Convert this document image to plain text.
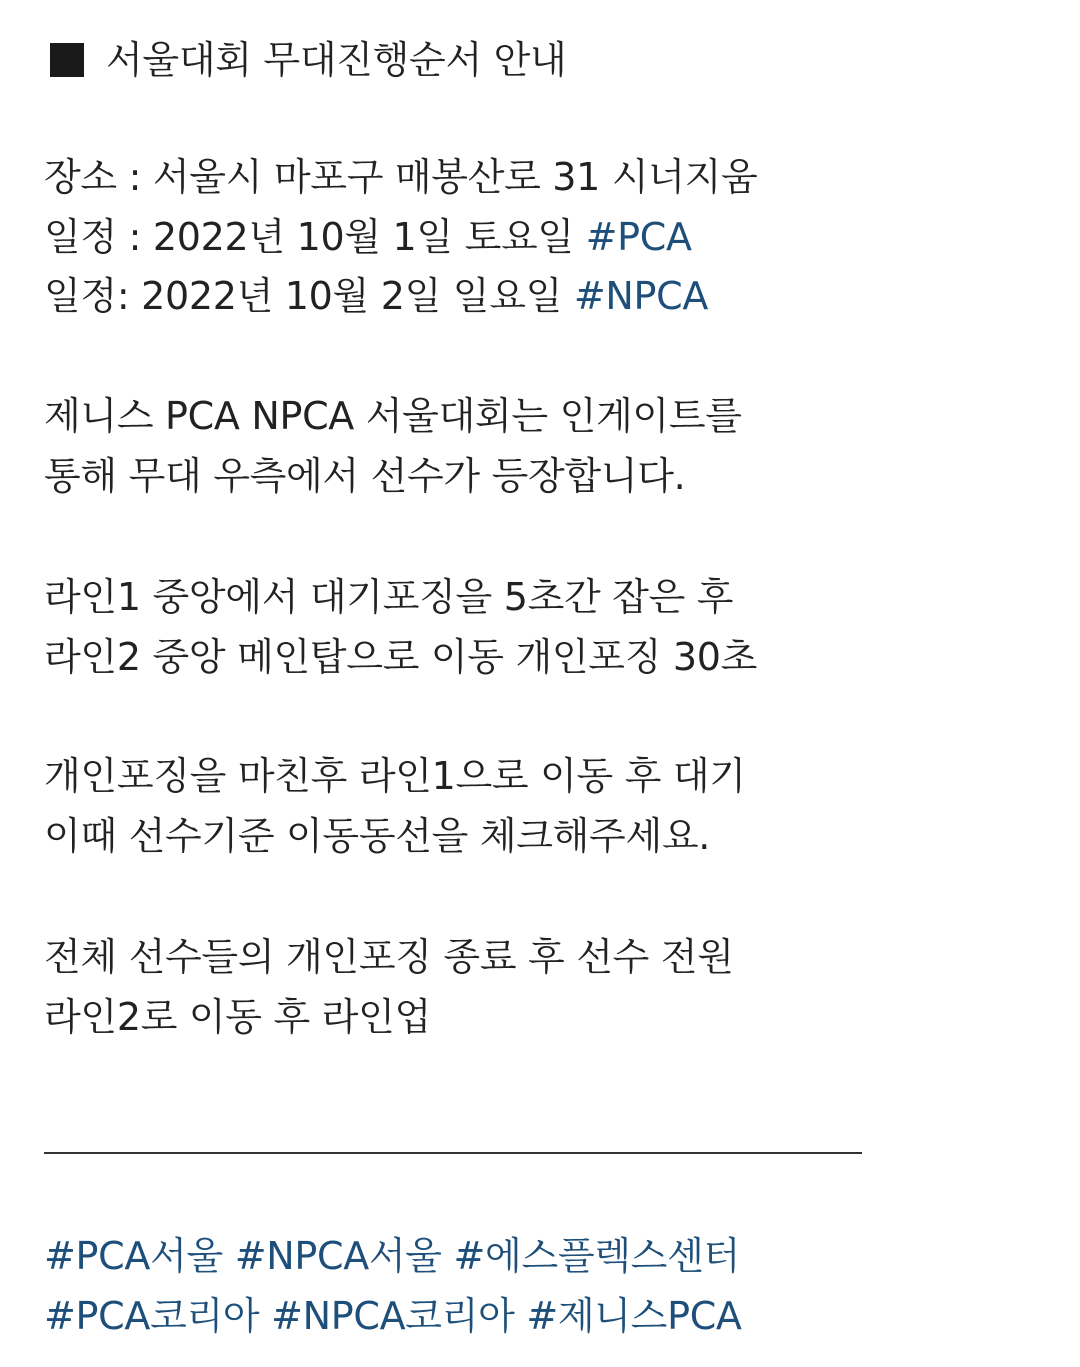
서울대회 무대진행순서 안내
장소 : 서울시 마포구 매봉산로 31 시너지움
일정 : 2022년 10월 1일 토요일 #PCA
일정: 2022년 10월 2일 일요일 #NPCA
제니스 PCA NPCA 서울대회는 인게이트를
통해 무대 우측에서 선수가 등장합니다.
라인1 중앙에서 대기포징을 5초간 잡은 후
라인2 중앙 메인탑으로 이동 개인포징 30초
개인포징을 마친후 라인1으로 이동 후 대기
이때 선수기준 이동동선을 체크해주세요.
전체 선수들의 개인포징 종료 후 선수 전원
라인2로 이동 후 라인업
#PCA서울 #NPCA서울 #에스플렉스센터
#PCA코리아 #NPCA코리아 #제니스PCA
